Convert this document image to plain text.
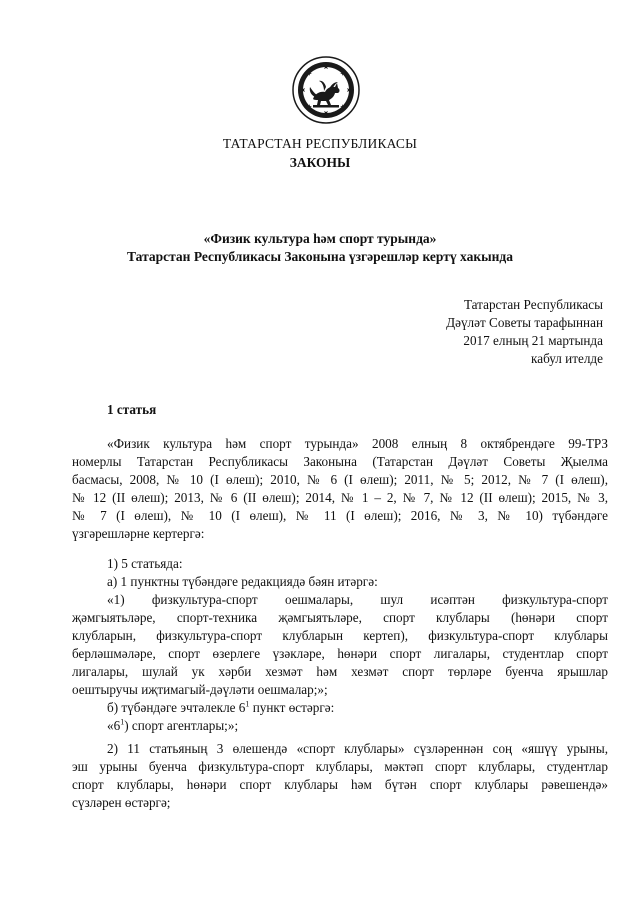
ТАТАРСТАН РЕСПУБЛИКАСЫ
ЗАКОНЫ
«Физик культура һәм спорт турында»
Татарстан Республикасы Законына үзгәрешләр кертү хакында
Татарстан Республикасы
Дәүләт Советы тарафыннан
2017 елның 21 мартында
кабул ителде
1 статья
«Физик культура һәм спорт турында» 2008 елның 8 октябрендәге 99-ТРЗ
номерлы Татарстан Республикасы Законына (Татарстан Дәүләт Советы Җыелма
басмасы, 2008, № 10 (I өлеш); 2010, № 6 (I өлеш); 2011, № 5; 2012, № 7 (I өлеш),
№ 12 (II өлеш); 2013, № 6 (II өлеш); 2014, № 1 – 2, № 7, № 12 (II өлеш); 2015, № 3,
№ 7 (I өлеш), № 10 (I өлеш), № 11 (I өлеш); 2016, № 3, № 10) түбәндәге
үзгәрешләрне кертергә:
1) 5 статьяда:
а) 1 пунктны түбәндәге редакциядә бәян итәргә:
«1) физкультура-спорт оешмалары, шул исәптән физкультура-спорт
җәмгыятьләре, спорт-техника җәмгыятьләре, спорт клублары (һөнәри спорт
клубларын, физкультура-спорт клубларын кертеп), физкультура-спорт клублары
берләшмәләре, спорт өзерлеге үзәкләре, һөнәри спорт лигалары, студентлар спорт
лигалары, шулай ук хәрби хезмәт һәм хезмәт спорт төрләре буенча ярышлар
оештыручы иҗтимагый-дәүләти оешмалар;»;
б) түбәндәге эчтәлекле $6^1$ пункт өстәргә:
«$6^1$) спорт агентлары;»;
2) 11 статьяның 3 өлешендә «спорт клублары» сүзләреннән соң «яшүү урыны,
эш урыны буенча физкультура-спорт клублары, мәктәп спорт клублары, студентлар
спорт клублары, һөнәри спорт клублары һәм бүтән спорт клублары рәвешендә»
сүзләрен өстәргә;
